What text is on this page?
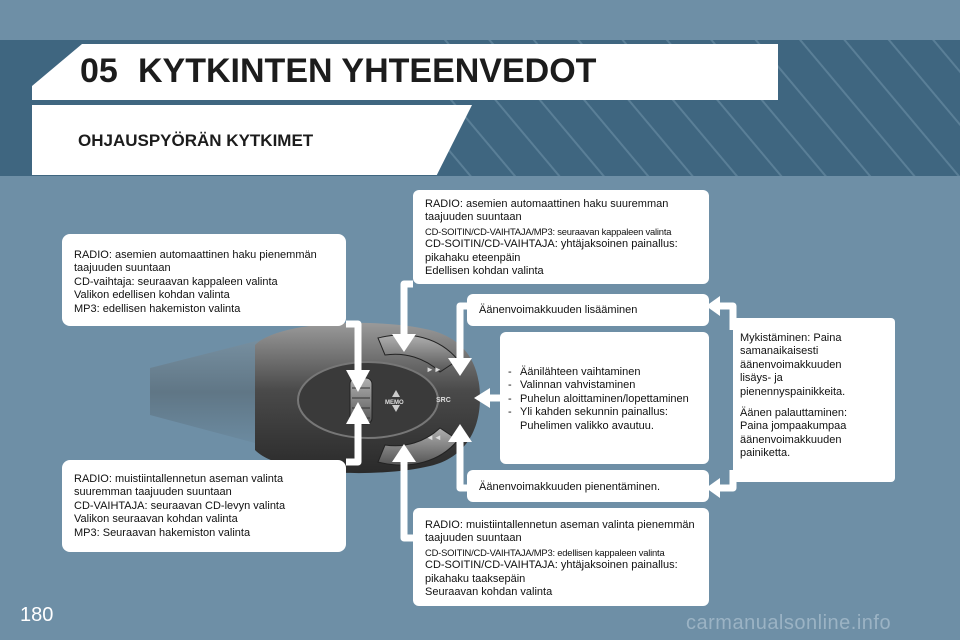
05 KYTKINTEN YHTEENVEDOT
OHJAUSPYÖRÄN KYTKIMET
MEMO
►►
◄◄
SRC
RADIO: asemien automaattinen haku pienemmän
taajuuden suuntaan
CD-vaihtaja: seuraavan kappaleen valinta
Valikon edellisen kohdan valinta
MP3: edellisen hakemiston valinta
RADIO: muistiintallennetun aseman valinta
suuremman taajuuden suuntaan
CD-VAIHTAJA: seuraavan CD-levyn valinta
Valikon seuraavan kohdan valinta
MP3: Seuraavan hakemiston valinta
RADIO: asemien automaattinen haku suuremman
taajuuden suuntaan
CD-SOITIN/CD-VAIHTAJA/MP3: seuraavan kappaleen valinta
CD-SOITIN/CD-VAIHTAJA: yhtäjaksoinen painallus:
pikahaku eteenpäin
Edellisen kohdan valinta
Äänenvoimakkuuden lisääminen
- Äänilähteen vaihtaminen
- Valinnan vahvistaminen
- Puhelun aloittaminen/lopettaminen
- Yli kahden sekunnin painallus:
Puhelimen valikko avautuu.
Äänenvoimakkuuden pienentäminen.
RADIO: muistiintallennetun aseman valinta pienemmän
taajuuden suuntaan
CD-SOITIN/CD-VAIHTAJA/MP3: edellisen kappaleen valinta
CD-SOITIN/CD-VAIHTAJA: yhtäjaksoinen painallus:
pikahaku taaksepäin
Seuraavan kohdan valinta
Mykistäminen: Paina
samanaikaisesti
äänenvoimakkuuden
lisäys- ja
pienennyspainikkeita.
Äänen palauttaminen:
Paina jompaakumpaa
äänenvoimakkuuden
painiketta.
180	carmanualsonline.info
